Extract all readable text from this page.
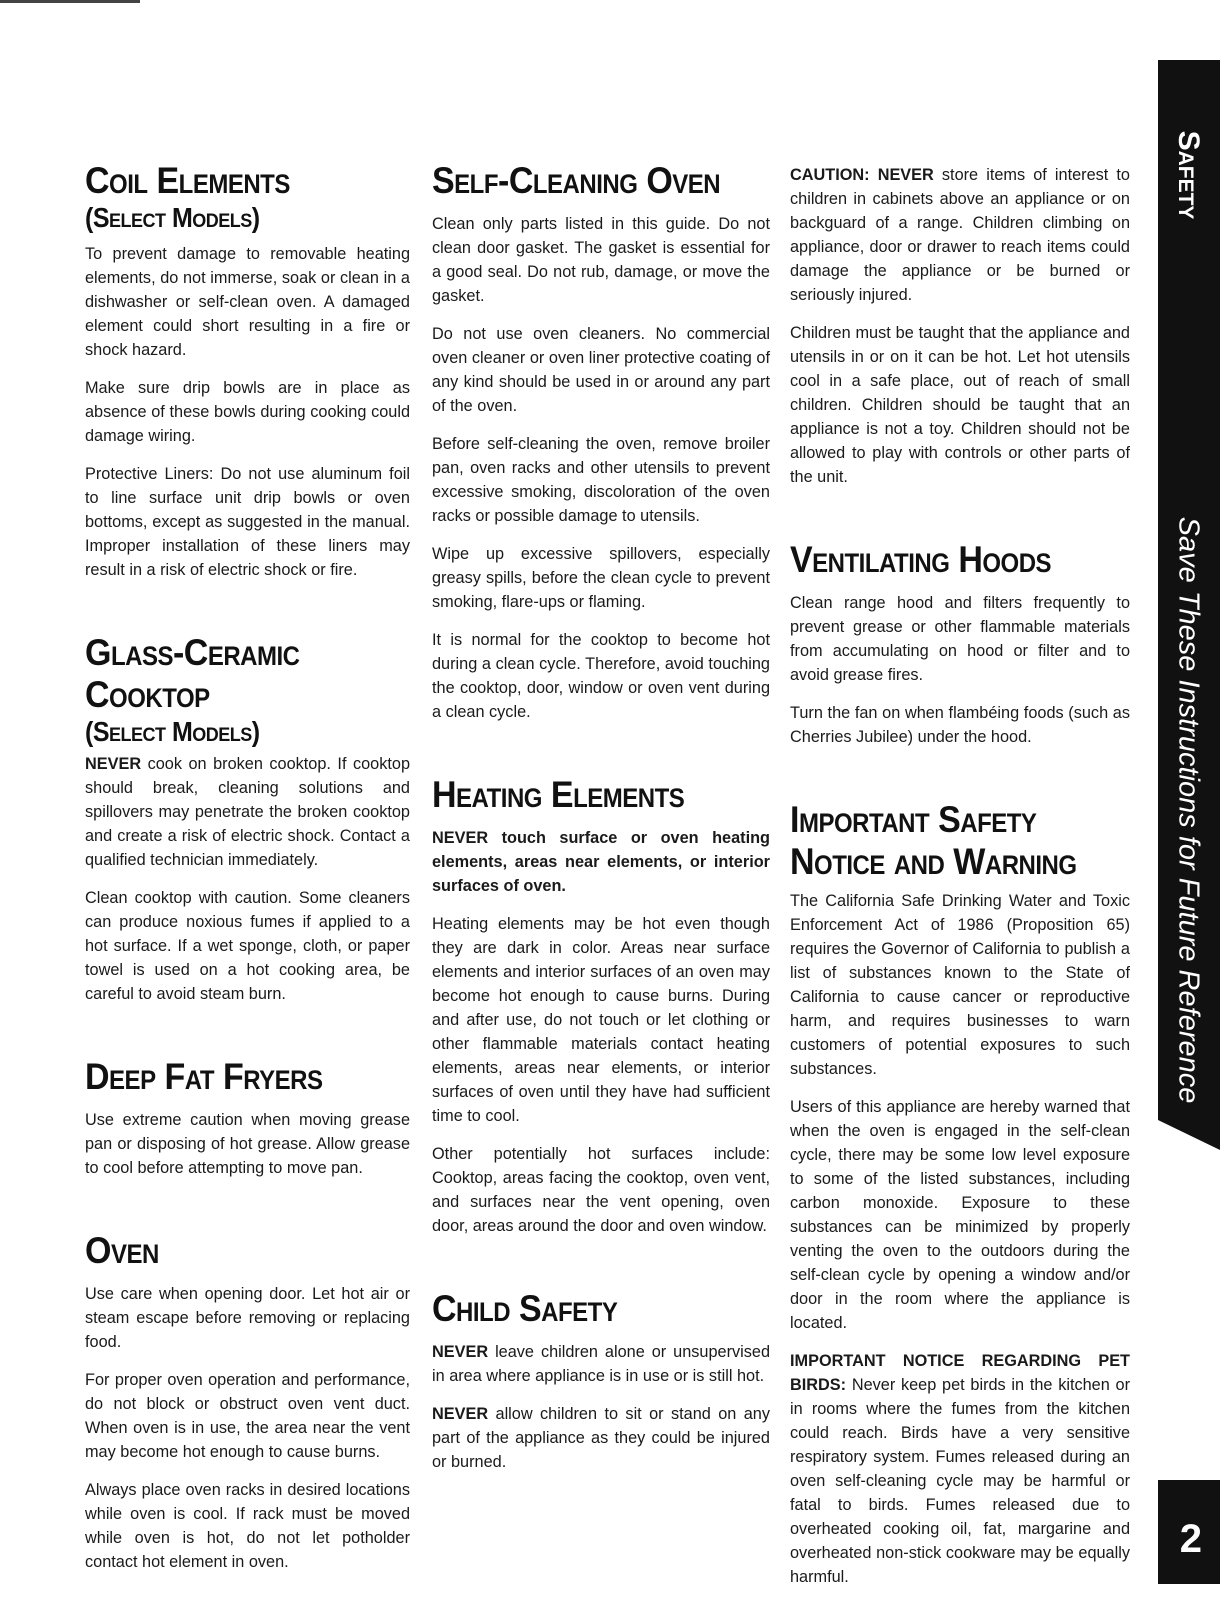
Coil Elements
(Select Models)

To prevent damage to removable heating elements, do not immerse, soak or clean in a dishwasher or self-clean oven. A damaged element could short resulting in a fire or shock hazard.

Make sure drip bowls are in place as absence of these bowls during cooking could damage wiring.

Protective Liners: Do not use aluminum foil to line surface unit drip bowls or oven bottoms, except as suggested in the manual. Improper installation of these liners may result in a risk of electric shock or fire.

Glass-Ceramic Cooktop
(Select Models)

NEVER cook on broken cooktop. If cooktop should break, cleaning solutions and spillovers may penetrate the broken cooktop and create a risk of electric shock. Contact a qualified technician immediately.

Clean cooktop with caution. Some cleaners can produce noxious fumes if applied to a hot surface. If a wet sponge, cloth, or paper towel is used on a hot cooking area, be careful to avoid steam burn.

Deep Fat Fryers

Use extreme caution when moving grease pan or disposing of hot grease. Allow grease to cool before attempting to move pan.

Oven

Use care when opening door. Let hot air or steam escape before removing or replacing food.

For proper oven operation and performance, do not block or obstruct oven vent duct. When oven is in use, the area near the vent may become hot enough to cause burns.

Always place oven racks in desired locations while oven is cool. If rack must be moved while oven is hot, do not let potholder contact hot element in oven.

Self-Cleaning Oven

Clean only parts listed in this guide. Do not clean door gasket. The gasket is essential for a good seal. Do not rub, damage, or move the gasket.

Do not use oven cleaners. No commercial oven cleaner or oven liner protective coating of any kind should be used in or around any part of the oven.

Before self-cleaning the oven, remove broiler pan, oven racks and other utensils to prevent excessive smoking, discoloration of the oven racks or possible damage to utensils.

Wipe up excessive spillovers, especially greasy spills, before the clean cycle to prevent smoking, flare-ups or flaming.

It is normal for the cooktop to become hot during a clean cycle. Therefore, avoid touching the cooktop, door, window or oven vent during a clean cycle.

Heating Elements

NEVER touch surface or oven heating elements, areas near elements, or interior surfaces of oven.

Heating elements may be hot even though they are dark in color. Areas near surface elements and interior surfaces of an oven may become hot enough to cause burns. During and after use, do not touch or let clothing or other flammable materials contact heating elements, areas near elements, or interior surfaces of oven until they have had sufficient time to cool.

Other potentially hot surfaces include: Cooktop, areas facing the cooktop, oven vent, and surfaces near the vent opening, oven door, areas around the door and oven window.

Child Safety

NEVER leave children alone or unsupervised in area where appliance is in use or is still hot.

NEVER allow children to sit or stand on any part of the appliance as they could be injured or burned.

CAUTION: NEVER store items of interest to children in cabinets above an appliance or on backguard of a range. Children climbing on appliance, door or drawer to reach items could damage the appliance or be burned or seriously injured.

Children must be taught that the appliance and utensils in or on it can be hot. Let hot utensils cool in a safe place, out of reach of small children. Children should be taught that an appliance is not a toy. Children should not be allowed to play with controls or other parts of the unit.

Ventilating Hoods

Clean range hood and filters frequently to prevent grease or other flammable materials from accumulating on hood or filter and to avoid grease fires.

Turn the fan on when flambéing foods (such as Cherries Jubilee) under the hood.

Important Safety Notice and Warning

The California Safe Drinking Water and Toxic Enforcement Act of 1986 (Proposition 65) requires the Governor of California to publish a list of substances known to the State of California to cause cancer or reproductive harm, and requires businesses to warn customers of potential exposures to such substances.

Users of this appliance are hereby warned that when the oven is engaged in the self-clean cycle, there may be some low level exposure to some of the listed substances, including carbon monoxide. Exposure to these substances can be minimized by properly venting the oven to the outdoors during the self-clean cycle by opening a window and/or door in the room where the appliance is located.

IMPORTANT NOTICE REGARDING PET BIRDS: Never keep pet birds in the kitchen or in rooms where the fumes from the kitchen could reach. Birds have a very sensitive respiratory system. Fumes released during an oven self-cleaning cycle may be harmful or fatal to birds. Fumes released due to overheated cooking oil, fat, margarine and overheated non-stick cookware may be equally harmful.

Safety
Save These Instructions for Future Reference
2
